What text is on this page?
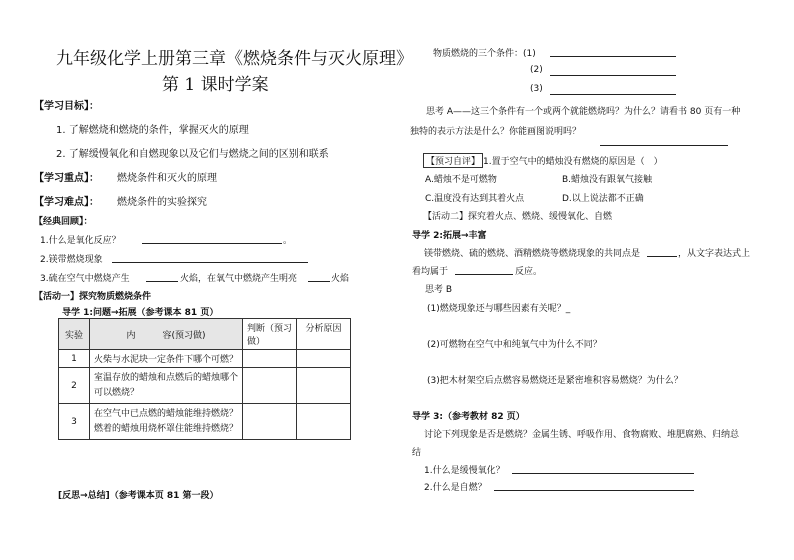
九年级化学上册第三章《燃烧条件与灭火原理》
第 1 课时学案
【学习目标】：
1. 了解燃烧和燃烧的条件，掌握灭火的原理
2. 了解缓慢氧化和自燃现象以及它们与燃烧之间的区别和联系
【学习重点】： 燃烧条件和灭火的原理
【学习难点】： 燃烧条件的实验探究
【经典回顾】：
1.什么是氧化反应？	。
2.镁带燃烧现象
3.硫在空气中燃烧产生	火焰，在氧气中燃烧产生明亮	火焰
【活动一】探究物质燃烧条件
导学 1:问题→拓展（参考课本 81 页）
实验	内　　　容(预习做)	判断（预习做）	分析原因
1	火柴与水泥块一定条件下哪个可燃？		
2	室温存放的蜡烛和点燃后的蜡烛哪个可以燃烧？		
3	在空气中已点燃的蜡烛能维持燃烧？燃着的蜡烛用烧杯罩住能维持燃烧？		
[反思→总结]（参考课本页 81 第一段）
物质燃烧的三个条件：(1)
(2)
(3)
思考 A——这三个条件有一个或两个就能燃烧吗？为什么？请看书 80 页有一种
独特的表示方法是什么？你能画图说明吗？
【预习自评】 1.置于空气中的蜡烛没有燃烧的原因是（　）
A.蜡烛不是可燃物	B.蜡烛没有跟氧气接触
C.温度没有达到其着火点	D.以上说法都不正确
【活动二】探究着火点、燃烧、缓慢氧化、自燃
导学 2:拓展→丰富
镁带燃烧、硫的燃烧、酒精燃烧等燃烧现象的共同点是	，从文字表达式上
看均属于	反应。
思考 B
(1)燃烧现象还与哪些因素有关呢？_
(2)可燃物在空气中和纯氧气中为什么不同？
(3)把木材架空后点燃容易燃烧还是紧密堆积容易燃烧？为什么？
导学 3:（参考教材 82 页）
讨论下列现象是否是燃烧？金属生锈、呼吸作用、食物腐败、堆肥腐熟、归纳总
结
1.什么是缓慢氧化？
2.什么是自燃？
